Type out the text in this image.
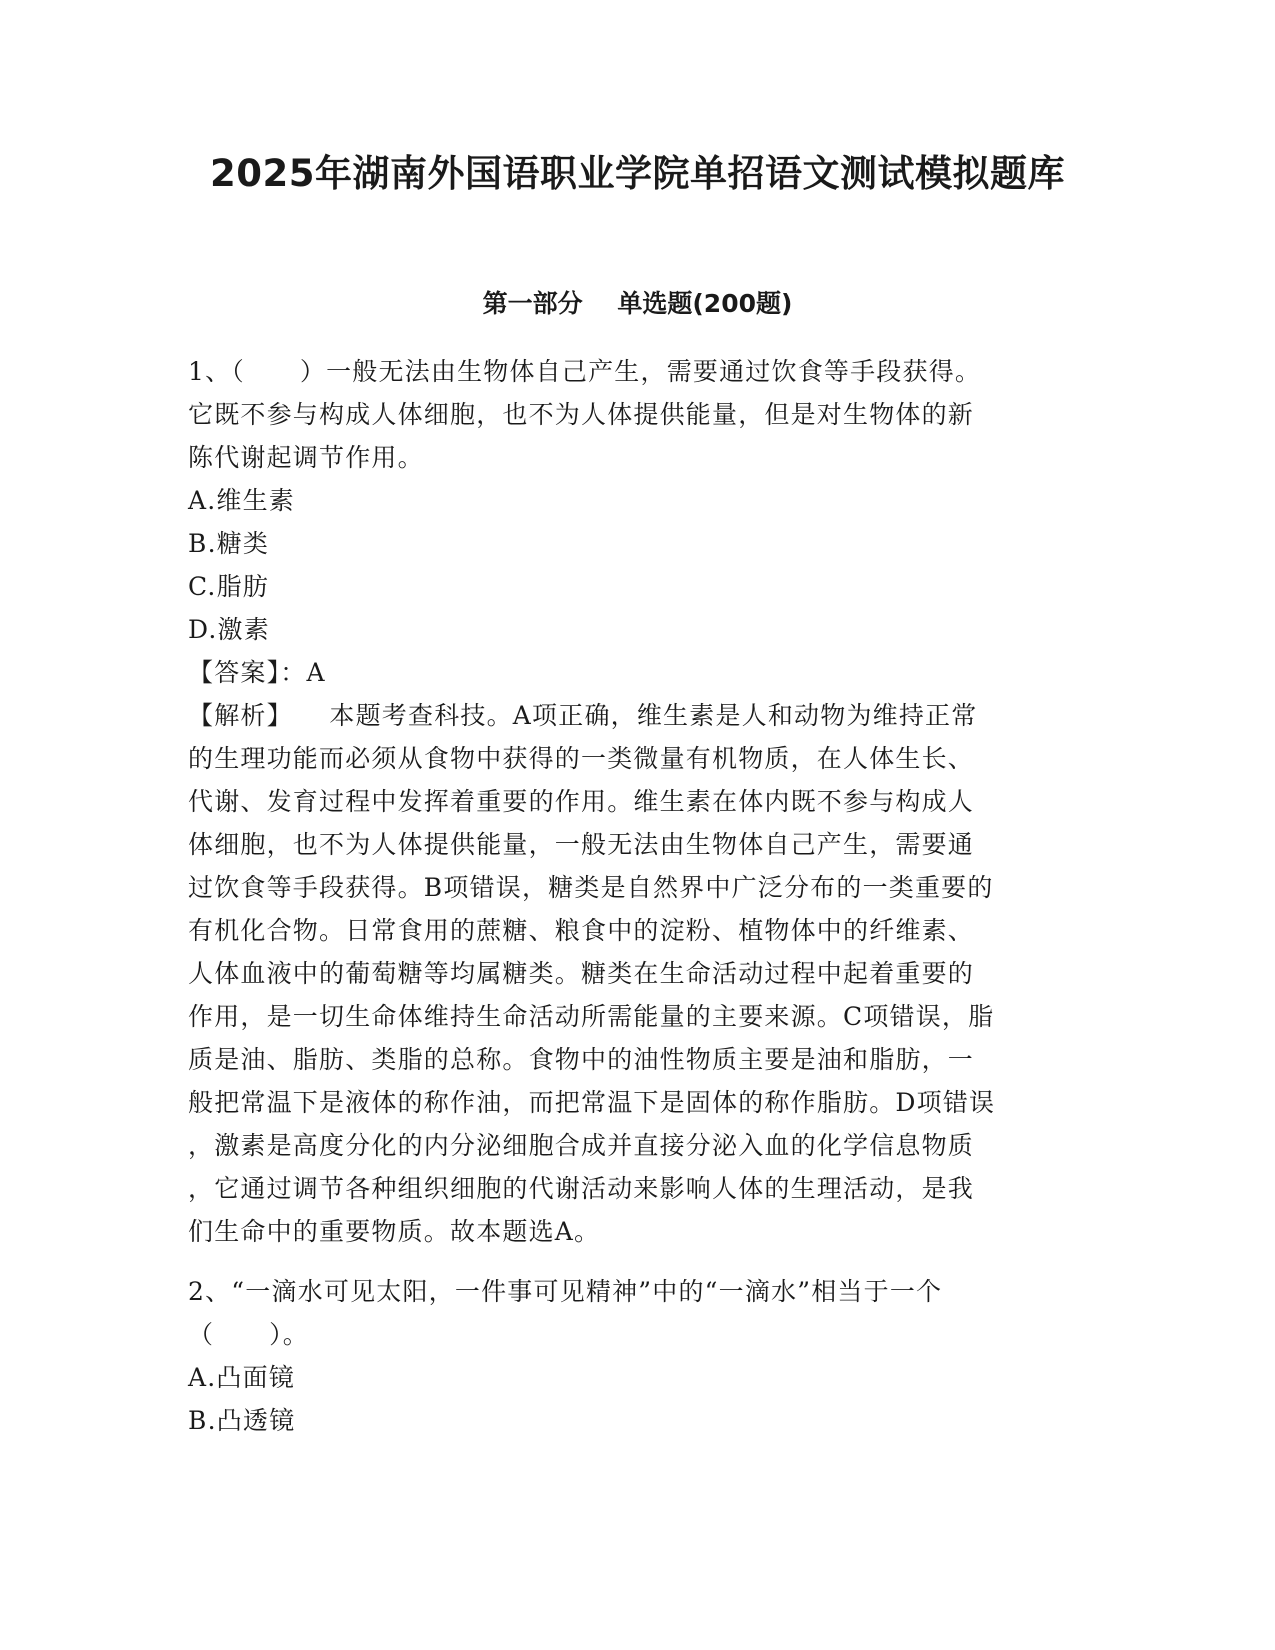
2025年湖南外国语职业学院单招语文测试模拟题库
第一部分    单选题(200题)

1、（      ）一般无法由生物体自己产生，需要通过饮食等手段获得。

它既不参与构成人体细胞，也不为人体提供能量，但是对生物体的新

陈代谢起调节作用。

A.维生素

B.糖类

C.脂肪

D.激素

【答案】：A

【解析】    本题考查科技。A项正确，维生素是人和动物为维持正常

的生理功能而必须从食物中获得的一类微量有机物质，在人体生长、

代谢、发育过程中发挥着重要的作用。维生素在体内既不参与构成人

体细胞，也不为人体提供能量，一般无法由生物体自己产生，需要通

过饮食等手段获得。B项错误，糖类是自然界中广泛分布的一类重要的

有机化合物。日常食用的蔗糖、粮食中的淀粉、植物体中的纤维素、

人体血液中的葡萄糖等均属糖类。糖类在生命活动过程中起着重要的

作用，是一切生命体维持生命活动所需能量的主要来源。C项错误，脂

质是油、脂肪、类脂的总称。食物中的油性物质主要是油和脂肪，一

般把常温下是液体的称作油，而把常温下是固体的称作脂肪。D项错误

，激素是高度分化的内分泌细胞合成并直接分泌入血的化学信息物质

，它通过调节各种组织细胞的代谢活动来影响人体的生理活动，是我

们生命中的重要物质。故本题选A。

2、“一滴水可见太阳，一件事可见精神”中的“一滴水”相当于一个

（      ）。

A.凸面镜

B.凸透镜
